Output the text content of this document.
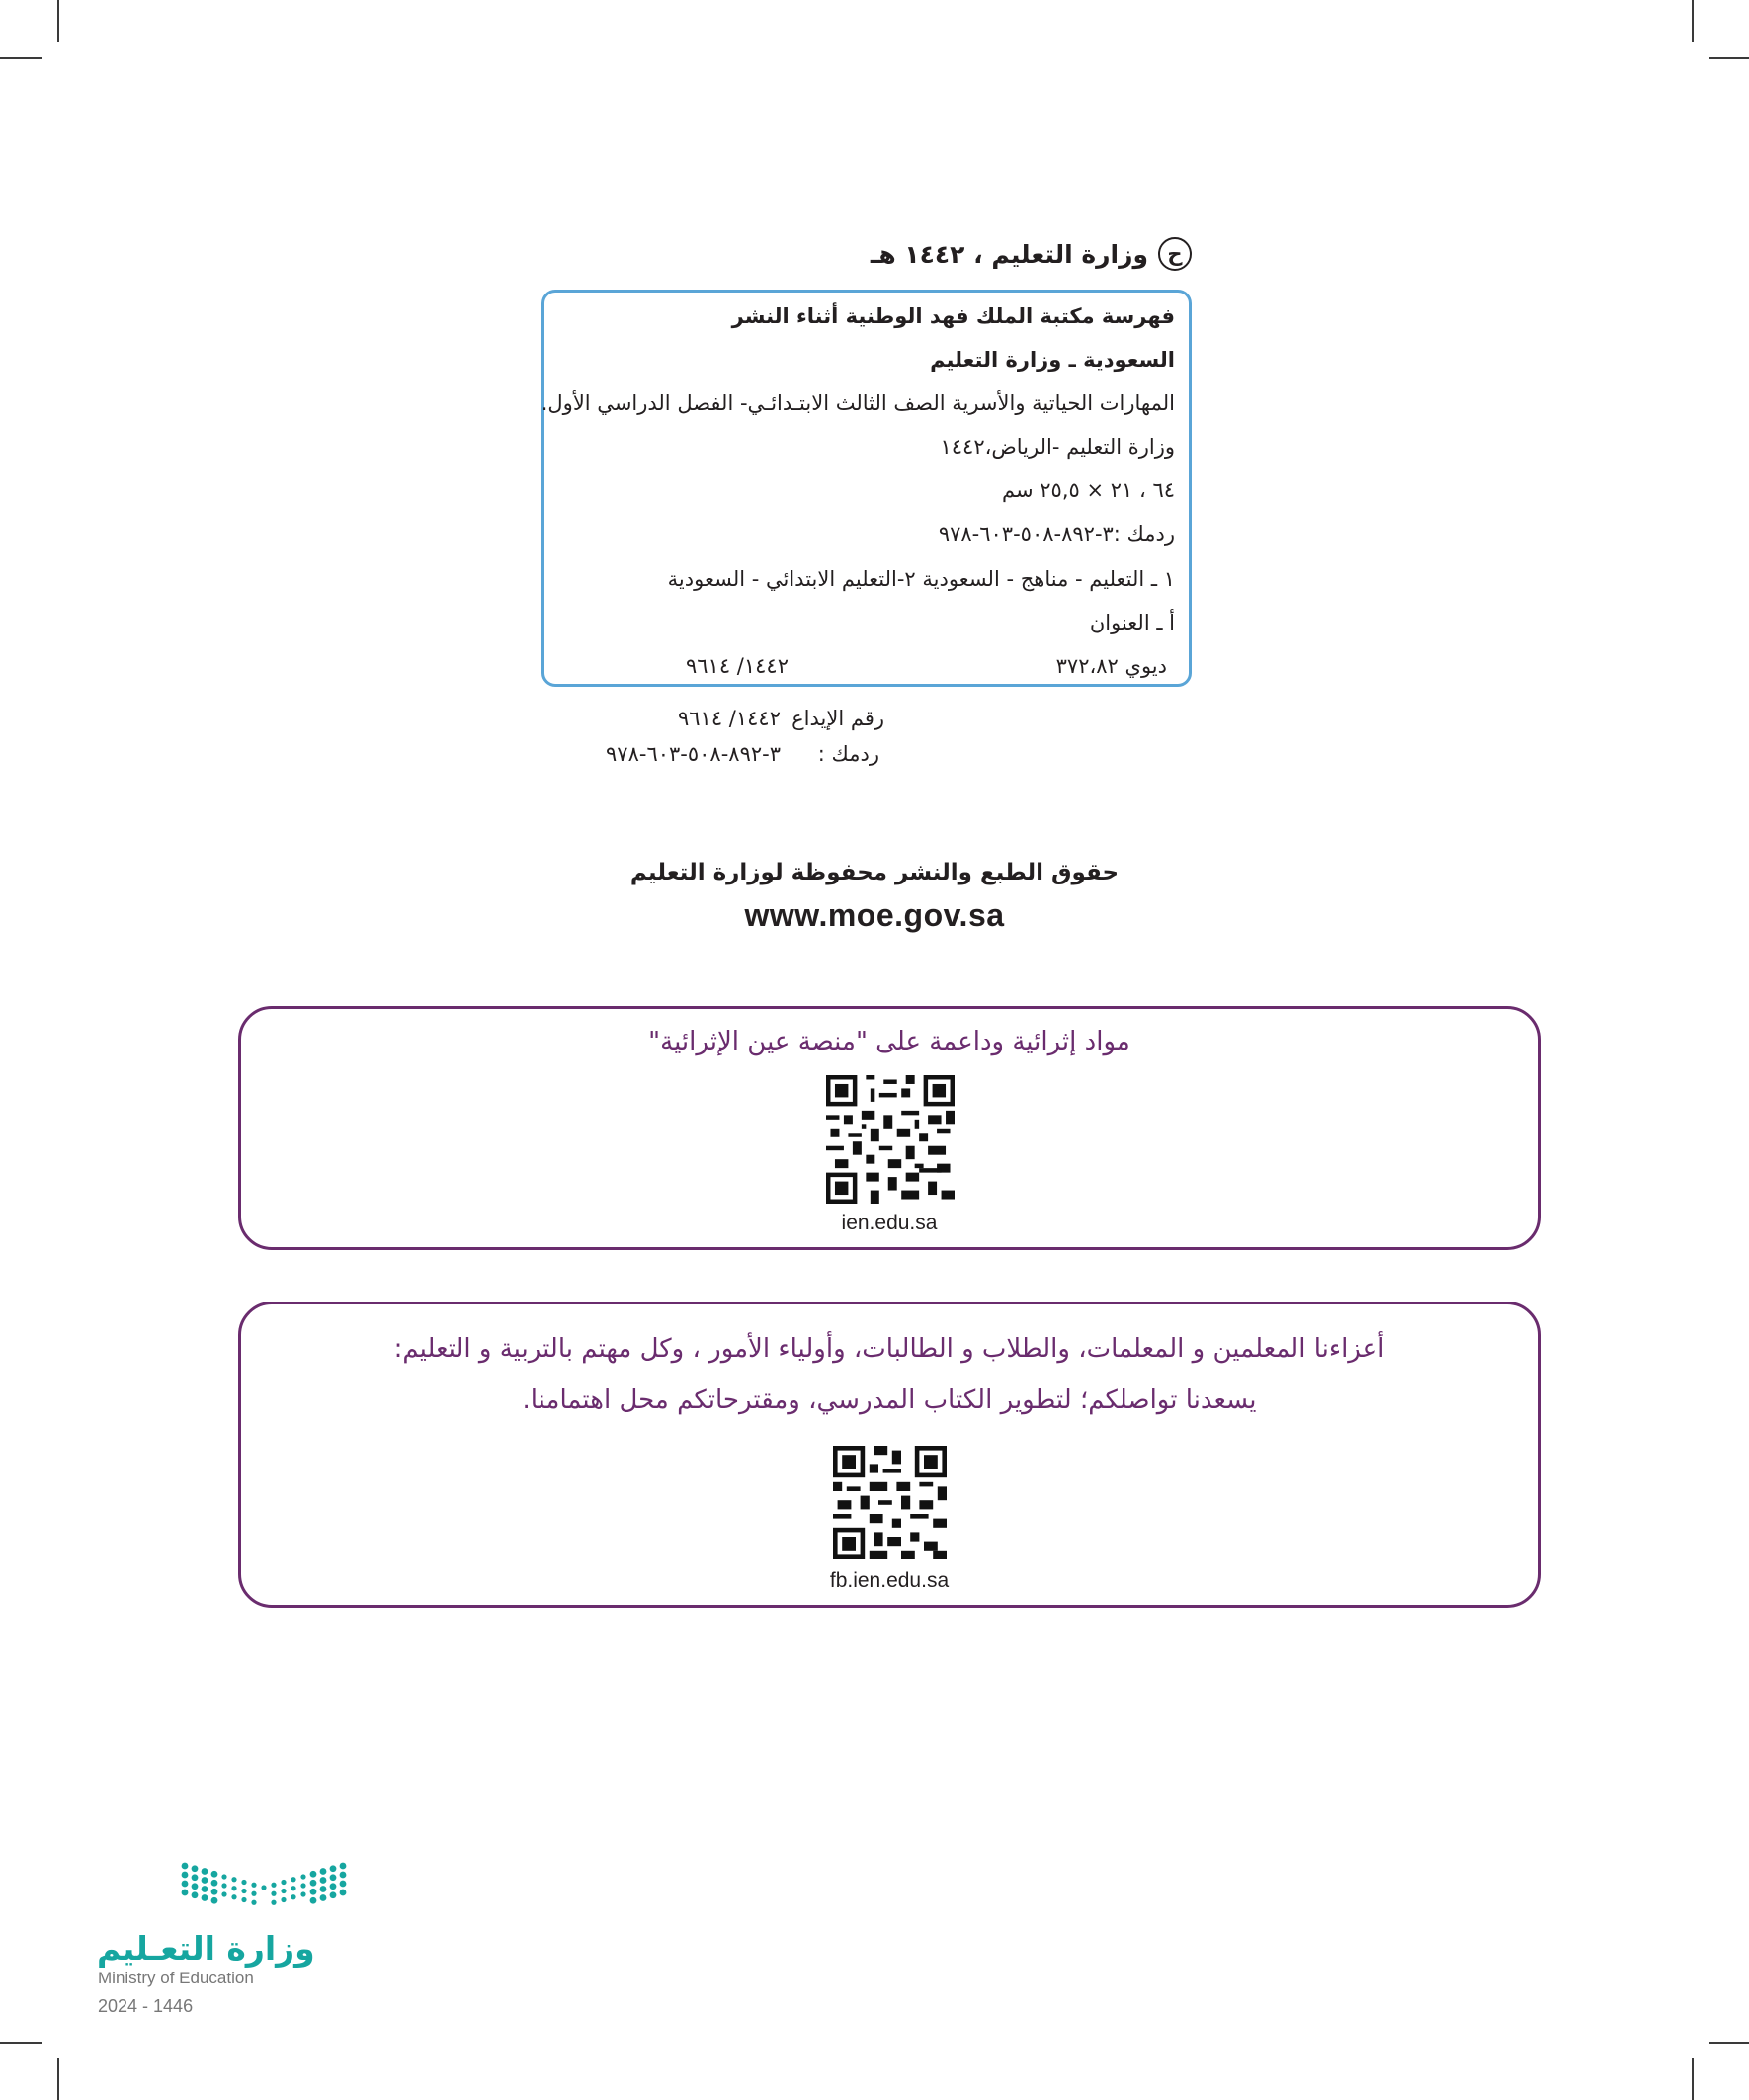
ح
وزارة التعليم ، ١٤٤٢ هـ
فهرسة مكتبة الملك فهد الوطنية أثناء النشر
السعودية ـ وزارة التعليم
المهارات الحياتية والأسرية الصف الثالث الابتـدائـي- الفصل الدراسي الأول.
وزارة التعليم -الرياض،١٤٤٢
٦٤ ، ٢١ × ٢٥,٥ سم
ردمك :٣-٨٩٢-٥٠٨-٦٠٣-٩٧٨
١ ـ التعليم - مناهج - السعودية ٢-التعليم الابتدائي - السعودية
أ ـ العنوان
ديوي ٣٧٢،٨٢
١٤٤٢/ ٩٦١٤
رقم الإيداع
١٤٤٢/ ٩٦١٤
ردمك :
٣-٨٩٢-٥٠٨-٦٠٣-٩٧٨
حقوق الطبع والنشر محفوظة لوزارة التعليم
www.moe.gov.sa
مواد إثرائية وداعمة على "منصة عين الإثرائية"
ien.edu.sa
أعزاءنا المعلمين و المعلمات، والطلاب و الطالبات، وأولياء الأمور ، وكل مهتم بالتربية و التعليم:
يسعدنا تواصلكم؛ لتطوير الكتاب المدرسي، ومقترحاتكم محل اهتمامنا.
fb.ien.edu.sa
وزارة التعـليم
Ministry of Education
2024 - 1446
